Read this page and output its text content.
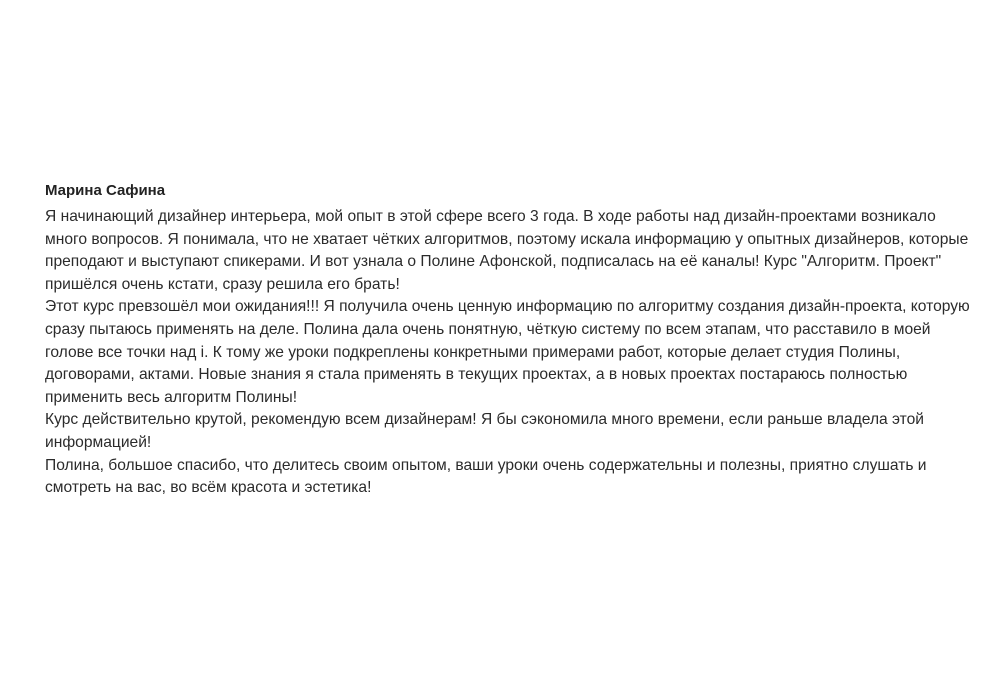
Марина Сафина

Я начинающий дизайнер интерьера, мой опыт в этой сфере всего 3 года. В ходе работы над дизайн-проектами возникало много вопросов. Я понимала, что не хватает чётких алгоритмов, поэтому искала информацию у опытных дизайнеров, которые преподают и выступают спикерами. И вот узнала о Полине Афонской, подписалась на её каналы! Курс "Алгоритм. Проект" пришёлся очень кстати, сразу решила его брать!

Этот курс превзошёл мои ожидания!!! Я получила очень ценную информацию по алгоритму создания дизайн-проекта, которую сразу пытаюсь применять на деле. Полина дала очень понятную, чёткую систему по всем этапам, что расставило в моей голове все точки над i. К тому же уроки подкреплены конкретными примерами работ, которые делает студия Полины, договорами, актами. Новые знания я стала применять в текущих проектах, а в новых проектах постараюсь полностью применить весь алгоритм Полины!

Курс действительно крутой, рекомендую всем дизайнерам! Я бы сэкономила много времени, если раньше владела этой информацией!

Полина, большое спасибо, что делитесь своим опытом, ваши уроки очень содержательны и полезны, приятно слушать и смотреть на вас, во всём красота и эстетика!
